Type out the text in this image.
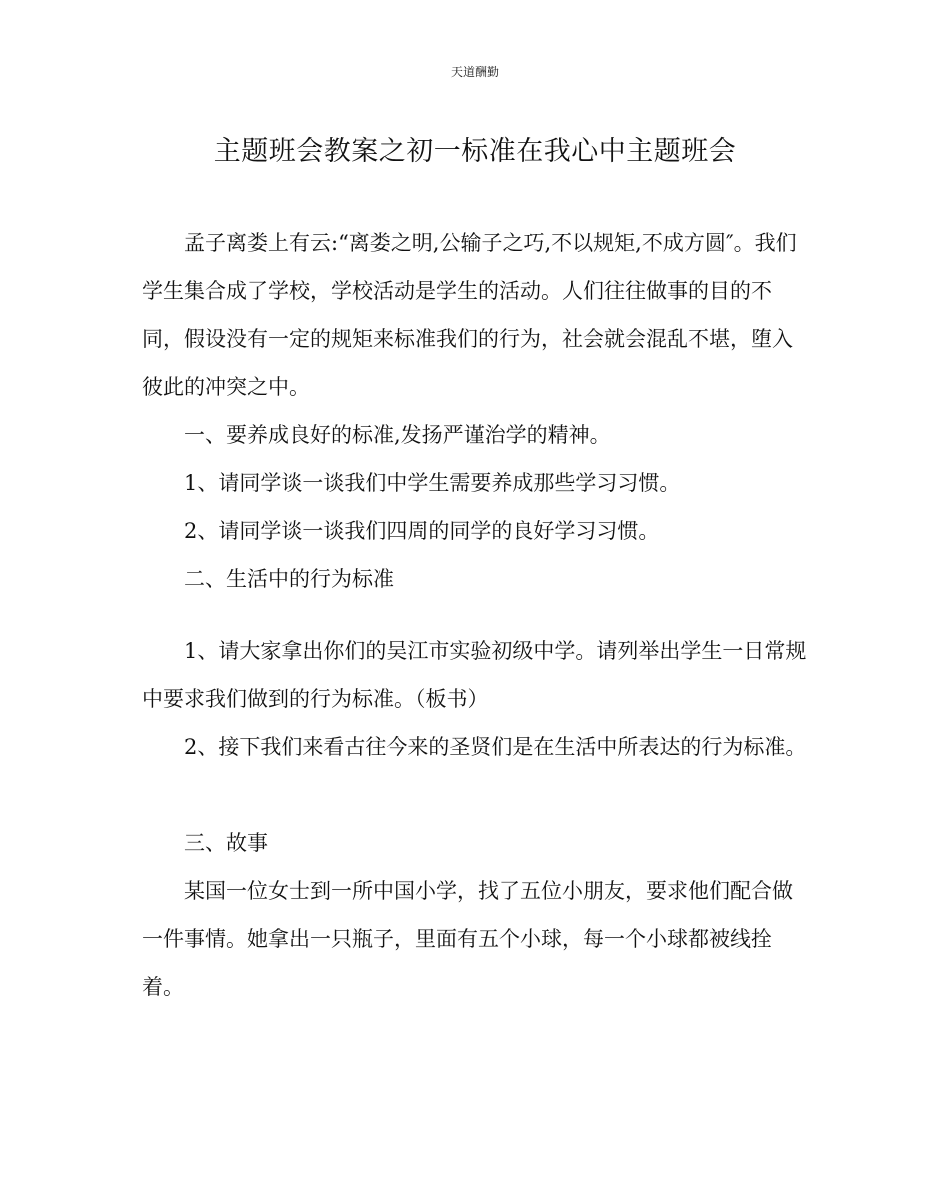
天道酬勤
主题班会教案之初一标准在我心中主题班会

孟子离娄上有云:“离娄之明,公输子之巧,不以规矩,不成方圆″。我们学生集合成了学校，学校活动是学生的活动。人们往往做事的目的不同，假设没有一定的规矩来标准我们的行为，社会就会混乱不堪，堕入彼此的冲突之中。

一、要养成良好的标准,发扬严谨治学的精神。

1、请同学谈一谈我们中学生需要养成那些学习习惯。

2、请同学谈一谈我们四周的同学的良好学习习惯。

二、生活中的行为标准

1、请大家拿出你们的吴江市实验初级中学。请列举出学生一日常规中要求我们做到的行为标准。（板书）

2、接下我们来看古往今来的圣贤们是在生活中所表达的行为标准。

三、故事

某国一位女士到一所中国小学，找了五位小朋友，要求他们配合做一件事情。她拿出一只瓶子，里面有五个小球，每一个小球都被线拴着。
